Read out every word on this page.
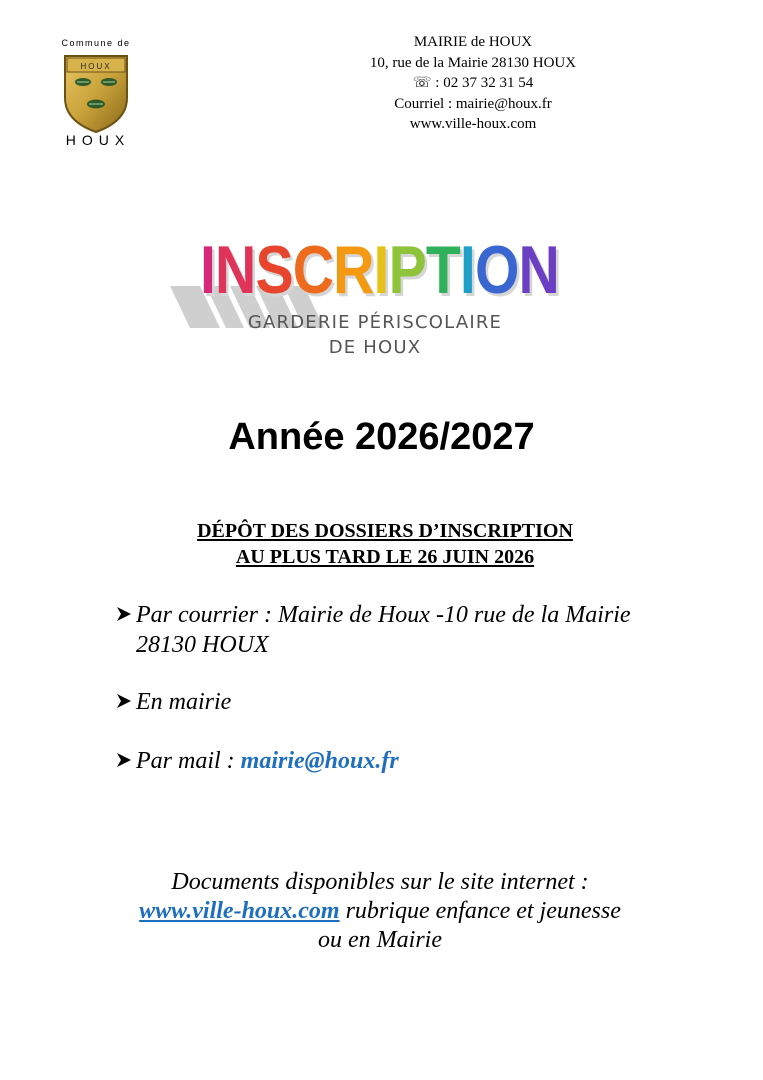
Commune de
HOUX
HOUX
MAIRIE de HOUX
10, rue de la Mairie 28130 HOUX
☏ : 02 37 32 31 54
Courriel : mairie@houx.fr
www.ville-houx.com
INSCRIPTION
GARDERIE PÉRISCOLAIRE
DE HOUX
Année 2026/2027
DÉPÔT DES DOSSIERS D’INSCRIPTION
AU PLUS TARD LE 26 JUIN 2026
Par courrier : Mairie de Houx -10 rue de la Mairie
28130 HOUX
En mairie
Par mail : mairie@houx.fr
Documents disponibles sur le site internet :
www.ville-houx.com rubrique enfance et jeunesse
ou en Mairie
